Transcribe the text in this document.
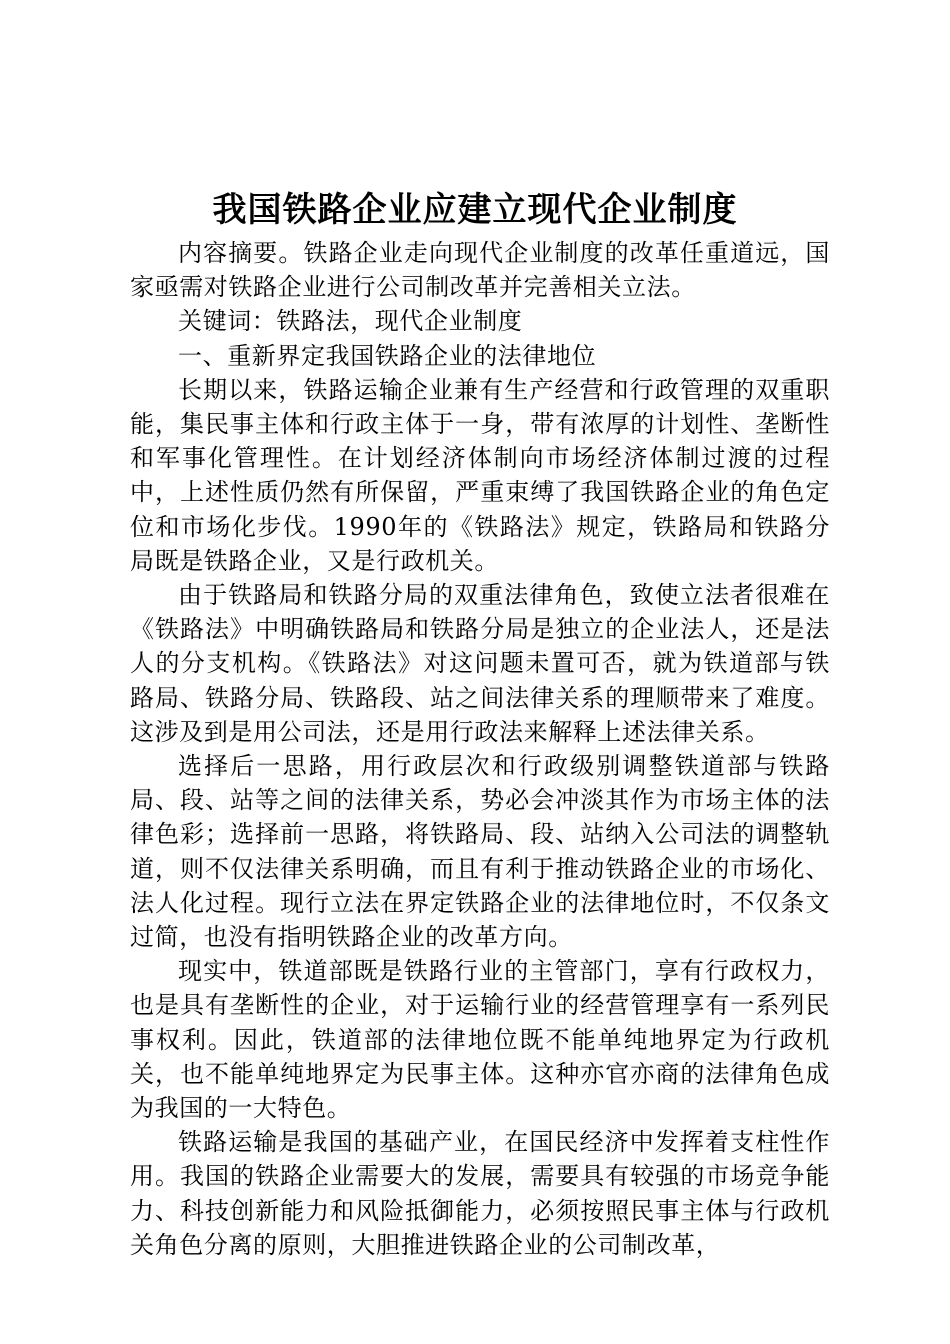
我国铁路企业应建立现代企业制度

内容摘要。铁路企业走向现代企业制度的改革任重道远，国家亟需对铁路企业进行公司制改革并完善相关立法。

关键词：铁路法，现代企业制度

一、重新界定我国铁路企业的法律地位

长期以来，铁路运输企业兼有生产经营和行政管理的双重职能，集民事主体和行政主体于一身，带有浓厚的计划性、垄断性和军事化管理性。在计划经济体制向市场经济体制过渡的过程中，上述性质仍然有所保留，严重束缚了我国铁路企业的角色定位和市场化步伐。1990年的《铁路法》规定，铁路局和铁路分局既是铁路企业，又是行政机关。

由于铁路局和铁路分局的双重法律角色，致使立法者很难在《铁路法》中明确铁路局和铁路分局是独立的企业法人，还是法人的分支机构。《铁路法》对这问题未置可否，就为铁道部与铁路局、铁路分局、铁路段、站之间法律关系的理顺带来了难度。这涉及到是用公司法，还是用行政法来解释上述法律关系。

选择后一思路，用行政层次和行政级别调整铁道部与铁路局、段、站等之间的法律关系，势必会冲淡其作为市场主体的法律色彩；选择前一思路，将铁路局、段、站纳入公司法的调整轨道，则不仅法律关系明确，而且有利于推动铁路企业的市场化、法人化过程。现行立法在界定铁路企业的法律地位时，不仅条文过简，也没有指明铁路企业的改革方向。

现实中，铁道部既是铁路行业的主管部门，享有行政权力，也是具有垄断性的企业，对于运输行业的经营管理享有一系列民事权利。因此，铁道部的法律地位既不能单纯地界定为行政机关，也不能单纯地界定为民事主体。这种亦官亦商的法律角色成为我国的一大特色。

铁路运输是我国的基础产业，在国民经济中发挥着支柱性作用。我国的铁路企业需要大的发展，需要具有较强的市场竞争能力、科技创新能力和风险抵御能力，必须按照民事主体与行政机关角色分离的原则，大胆推进铁路企业的公司制改革，
